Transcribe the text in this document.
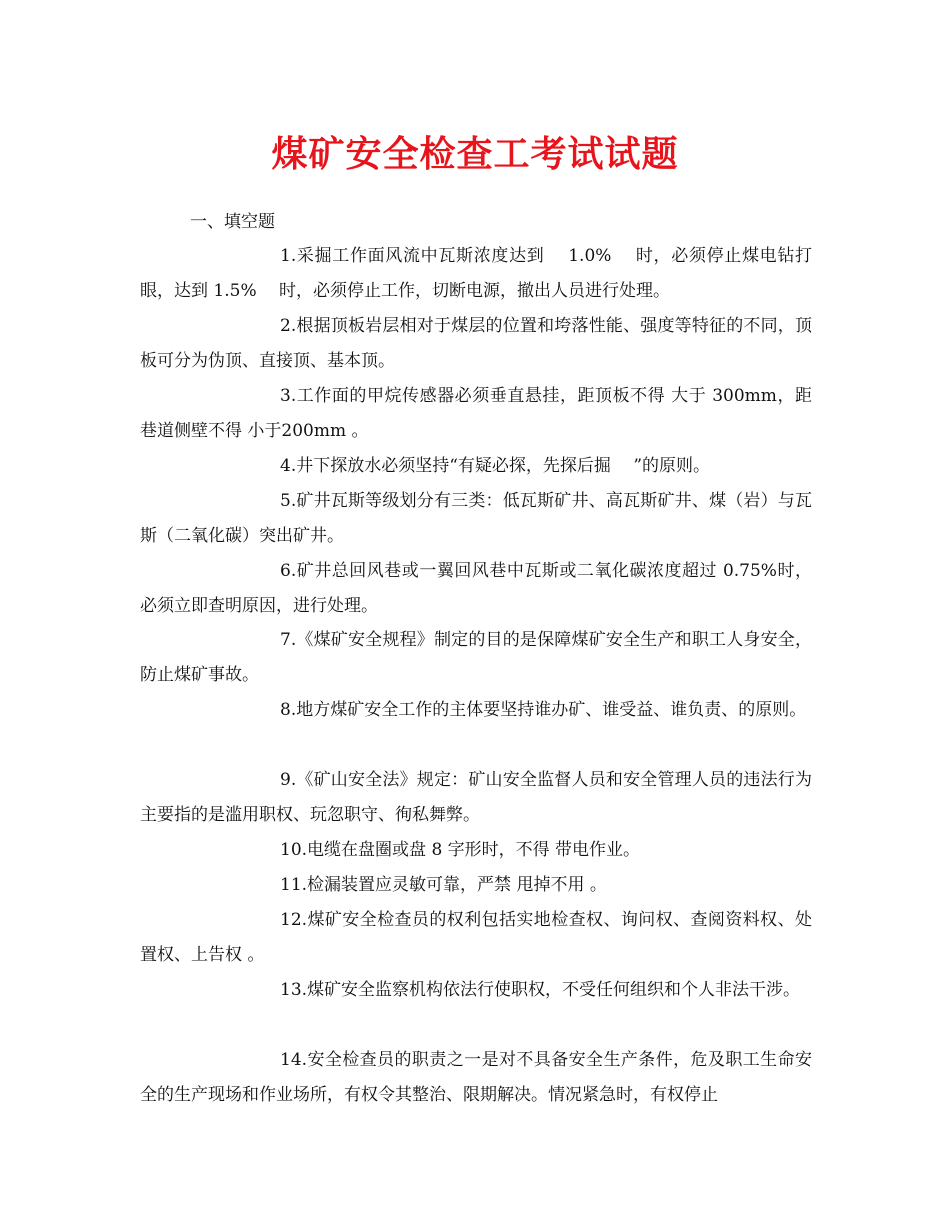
煤矿安全检查工考试试题
一、填空题
1.采掘工作面风流中瓦斯浓度达到　 1.0%　 时，必须停止煤电钻打眼，达到 1.5%　 时，必须停止工作，切断电源，撤出人员进行处理。
2.根据顶板岩层相对于煤层的位置和垮落性能、强度等特征的不同，顶板可分为伪顶、直接顶、基本顶。
3.工作面的甲烷传感器必须垂直悬挂，距顶板不得 大于 300mm，距巷道侧壁不得 小于200mm 。
4.井下探放水必须坚持“有疑必探，先探后掘　 ”的原则。
5.矿井瓦斯等级划分有三类：低瓦斯矿井、高瓦斯矿井、煤（岩）与瓦斯（二氧化碳）突出矿井。
6.矿井总回风巷或一翼回风巷中瓦斯或二氧化碳浓度超过 0.75%时，必须立即查明原因，进行处理。
7.《煤矿安全规程》制定的目的是保障煤矿安全生产和职工人身安全，防止煤矿事故。
8.地方煤矿安全工作的主体要坚持谁办矿、谁受益、谁负责、的原则。
9.《矿山安全法》规定：矿山安全监督人员和安全管理人员的违法行为主要指的是滥用职权、玩忽职守、徇私舞弊。
10.电缆在盘圈或盘 8 字形时，不得 带电作业。
11.检漏装置应灵敏可靠，严禁 甩掉不用 。
12.煤矿安全检查员的权利包括实地检查权、询问权、查阅资料权、处置权、上告权 。
13.煤矿安全监察机构依法行使职权，不受任何组织和个人非法干涉。
14.安全检查员的职责之一是对不具备安全生产条件，危及职工生命安全的生产现场和作业场所，有权令其整治、限期解决。情况紧急时，有权停止
